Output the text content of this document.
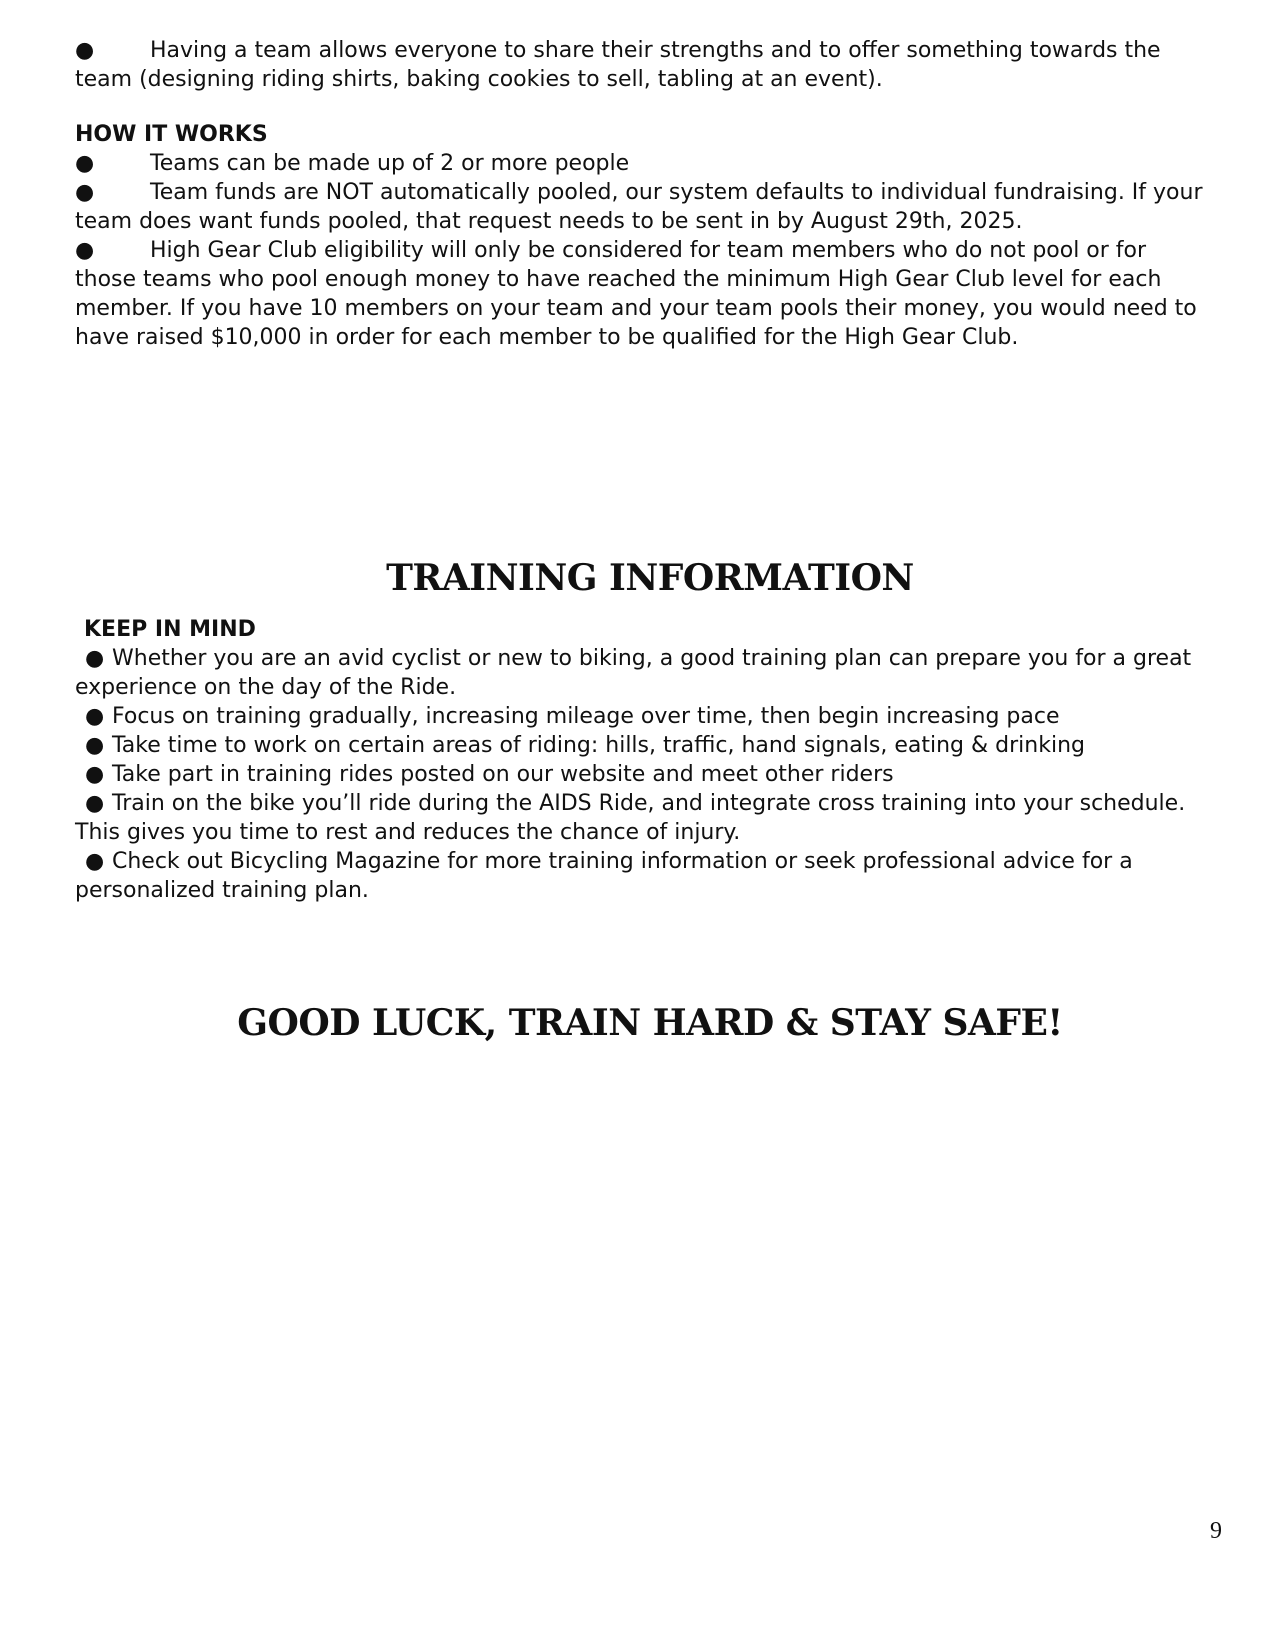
●	Having a team allows everyone to share their strengths and to offer something towards the

team (designing riding shirts, baking cookies to sell, tabling at an event).

HOW IT WORKS

●	Teams can be made up of 2 or more people

●	Team funds are NOT automatically pooled, our system defaults to individual fundraising. If your

team does want funds pooled, that request needs to be sent in by August 29th, 2025.

●	High Gear Club eligibility will only be considered for team members who do not pool or for

those teams who pool enough money to have reached the minimum High Gear Club level for each

member. If you have 10 members on your team and your team pools their money, you would need to

have raised $10,000 in order for each member to be qualified for the High Gear Club.

TRAINING INFORMATION

KEEP IN MIND

● Whether you are an avid cyclist or new to biking, a good training plan can prepare you for a great

experience on the day of the Ride.

● Focus on training gradually, increasing mileage over time, then begin increasing pace

● Take time to work on certain areas of riding: hills, traffic, hand signals, eating & drinking

● Take part in training rides posted on our website and meet other riders

● Train on the bike you’ll ride during the AIDS Ride, and integrate cross training into your schedule.

This gives you time to rest and reduces the chance of injury.

● Check out Bicycling Magazine for more training information or seek professional advice for a

personalized training plan.

GOOD LUCK, TRAIN HARD & STAY SAFE!
9
